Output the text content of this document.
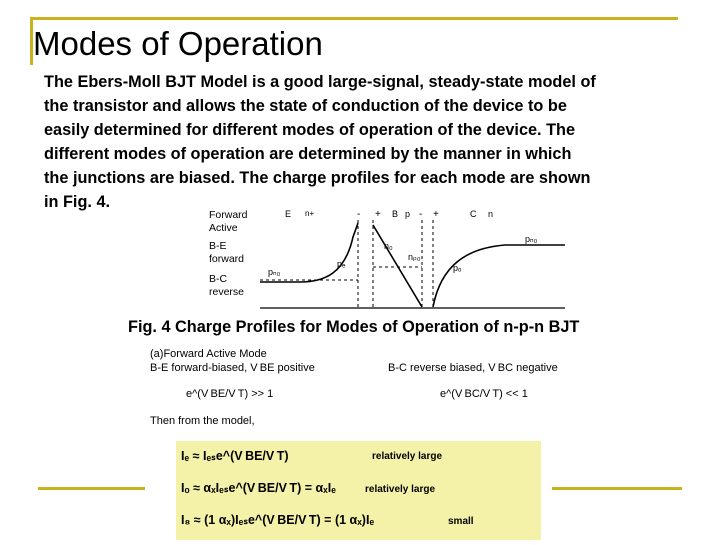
Modes of Operation
The Ebers-Moll BJT Model is a good large-signal, steady-state model of
the transistor and allows the state of conduction of the device to be
easily determined for different modes of operation of the device. The
different modes of operation are determined by the manner in which
the junctions are biased. The charge profiles for each mode are shown
in Fig. 4.
Forward
Active
B-E
forward
B-C
reverse
E n+	B p	C n
- +	- +
pₙ₀
pₑ
n₀
nₚ₀
pₒ
pₙ₀
Fig. 4 Charge Profiles for Modes of Operation of n-p-n BJT
(a)Forward Active Mode
B-E forward-biased, V BE positive	B-C reverse biased, V BC negative
e^(V BE/V T) >> 1	e^(V BC/V T) << 1
Then from the model,
Iₑ ≈ Iₑₛe^(V BE/V T)	relatively large
Iₒ ≈ αₓIₑₛe^(V BE/V T) = αₓIₑ	relatively large
I₈ ≈ (1 αₓ)Iₑₛe^(V BE/V T) = (1 αₓ)Iₑ	small
